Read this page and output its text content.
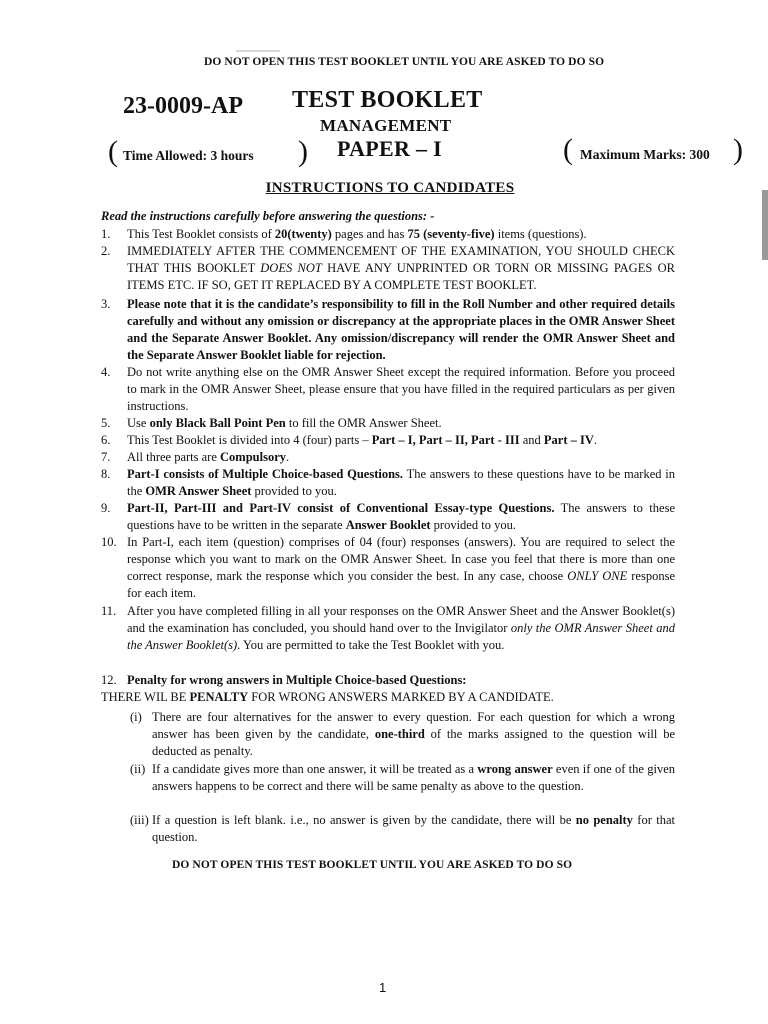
DO NOT OPEN THIS TEST BOOKLET UNTIL YOU ARE ASKED TO DO SO
23-0009-AP TEST BOOKLET
MANAGEMENT
PAPER – I
( Time Allowed: 3 hours )	( Maximum Marks: 300 )
INSTRUCTIONS TO CANDIDATES
Read the instructions carefully before answering the questions: -
1. This Test Booklet consists of 20(twenty) pages and has 75 (seventy-five) items (questions).
2. IMMEDIATELY AFTER THE COMMENCEMENT OF THE EXAMINATION, YOU SHOULD CHECK THAT THIS BOOKLET DOES NOT HAVE ANY UNPRINTED OR TORN OR MISSING PAGES OR ITEMS ETC. IF SO, GET IT REPLACED BY A COMPLETE TEST BOOKLET.
3. Please note that it is the candidate’s responsibility to fill in the Roll Number and other required details carefully and without any omission or discrepancy at the appropriate places in the OMR Answer Sheet and the Separate Answer Booklet. Any omission/discrepancy will render the OMR Answer Sheet and the Separate Answer Booklet liable for rejection.
4. Do not write anything else on the OMR Answer Sheet except the required information. Before you proceed to mark in the OMR Answer Sheet, please ensure that you have filled in the required particulars as per given instructions.
5. Use only Black Ball Point Pen to fill the OMR Answer Sheet.
6. This Test Booklet is divided into 4 (four) parts – Part – I, Part – II, Part - III and Part – IV.
7. All three parts are Compulsory.
8. Part-I consists of Multiple Choice-based Questions. The answers to these questions have to be marked in the OMR Answer Sheet provided to you.
9. Part-II, Part-III and Part-IV consist of Conventional Essay-type Questions. The answers to these questions have to be written in the separate Answer Booklet provided to you.
10. In Part-I, each item (question) comprises of 04 (four) responses (answers). You are required to select the response which you want to mark on the OMR Answer Sheet. In case you feel that there is more than one correct response, mark the response which you consider the best. In any case, choose ONLY ONE response for each item.
11. After you have completed filling in all your responses on the OMR Answer Sheet and the Answer Booklet(s) and the examination has concluded, you should hand over to the Invigilator only the OMR Answer Sheet and the Answer Booklet(s). You are permitted to take the Test Booklet with you.
12. Penalty for wrong answers in Multiple Choice-based Questions:
THERE WIL BE PENALTY FOR WRONG ANSWERS MARKED BY A CANDIDATE.
(i) There are four alternatives for the answer to every question. For each question for which a wrong answer has been given by the candidate, one-third of the marks assigned to the question will be deducted as penalty.
(ii) If a candidate gives more than one answer, it will be treated as a wrong answer even if one of the given answers happens to be correct and there will be same penalty as above to the question.
(iii) If a question is left blank. i.e., no answer is given by the candidate, there will be no penalty for that question.
DO NOT OPEN THIS TEST BOOKLET UNTIL YOU ARE ASKED TO DO SO
1
